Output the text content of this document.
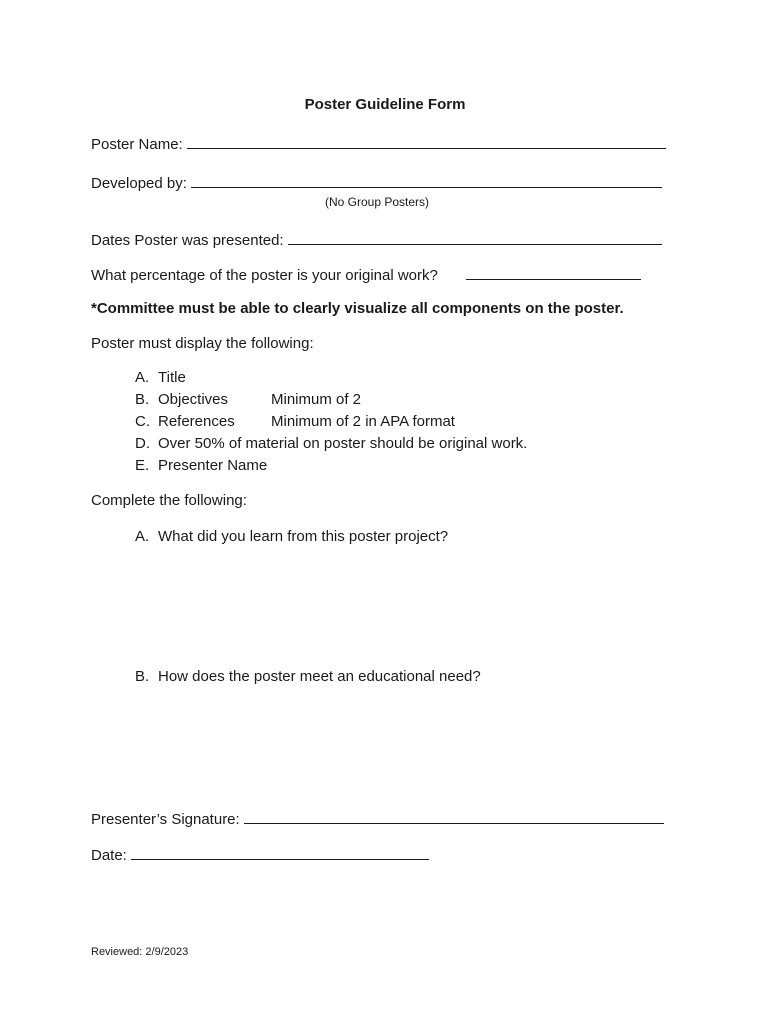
Poster Guideline Form
Poster Name:
Developed by:
(No Group Posters)
Dates Poster was presented:
What percentage of the poster is your original work?
*Committee must be able to clearly visualize all components on the poster.
Poster must display the following:
A. Title
B. Objectives	Minimum of 2
C. References	Minimum of 2 in APA format
D. Over 50% of material on poster should be original work.
E. Presenter Name
Complete the following:
A. What did you learn from this poster project?
B. How does the poster meet an educational need?
Presenter’s Signature:
Date:
Reviewed: 2/9/2023
